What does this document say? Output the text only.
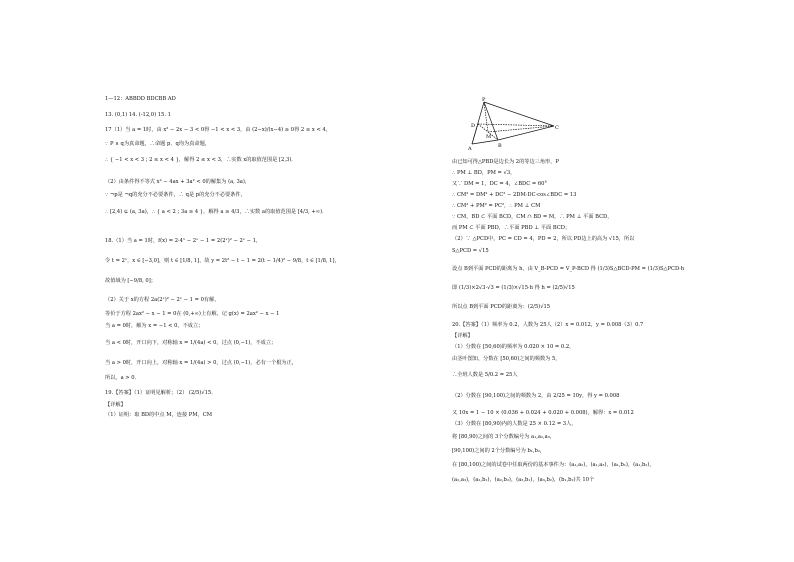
1—12：ABBDD BDCBB AD
13. (0,1) 14. (-12,0) 15. 1
17（1）当 a = 1时，由 x² − 2x − 3 < 0得 −1 < x < 3，由 (2−x)/(x−4) ≥ 0得 2 ≤ x < 4，
∵ P ∧ q为真命题，∴命题 p、q均为真命题，
∴ { −1 < x < 3 ; 2 ≤ x < 4 }，解得 2 ≤ x < 3，∴实数 x的取值范围是 [2,3)．
（2）由条件得不等式 x² − 4ax + 3a² < 0的解集为 (a, 3a)，
∵ ¬p是 ¬q的充分不必要条件，∴ q是 p的充分不必要条件，
∴ [2,4) ⊊ (a, 3a)，∴ { a < 2 ; 3a ≥ 4 }，解得 a ≥ 4/3，∴实数 a的取值范围是 [4/3, +∞)．
18.（1）当 a = 1时，f(x) = 2·4ˣ − 2ˣ − 1 = 2(2ˣ)² − 2ˣ − 1，
令 t = 2ˣ，x ∈ [−3,0]，则 t ∈ [1/8, 1]，故 y = 2t² − t − 1 = 2(t − 1/4)² − 9/8，t ∈ [1/8, 1]，
故值域为 [−9/8, 0]；
（2）关于 x的方程 2a(2ˣ)² − 2ˣ − 1 = 0有解，
等价于方程 2ax² − x − 1 = 0在 (0,+∞)上有解，记 g(x) = 2ax² − x − 1
当 a = 0时，解为 x = −1 < 0，不成立；
当 a < 0时，开口向下，对称轴 x = 1/(4a) < 0，过点 (0,−1)，不成立；
当 a > 0时，开口向上，对称轴 x = 1/(4a) > 0，过点 (0,−1)，必有一个根为正，
所以，a > 0．
19.【答案】（1）证明见解析；（2） (2/5)√15．
【详解】
（1）证明：取 BD的中点 M，连接 PM，CM
P
D	C
M
A	B
由已知可得△PBD是边长为 2的等边三角形，P
∴ PM ⊥ BD，PM = √3，
又∵ DM = 1，DC = 4，∠BDC = 60°
∴ CM² = DM² + DC² − 2DM·DC·cos∠BDC = 13
∴ CM² + PM² = PC²，∴ PM ⊥ CM
∵ CM，BD ⊂ 平面 BCD，CM ∩ BD = M，∴ PM ⊥ 平面 BCD，
而 PM ⊂ 平面 PBD，∴平面 PBD ⊥ 平面 BCD；
（2）∵ △PCD中，PC = CD = 4，PD = 2，所以 PD边上的高为 √15，所以
S△PCD = √15
设点 B到平面 PCD的距离为 h，由 V_B-PCD = V_P-BCD 得 (1/3)S△BCD·PM = (1/3)S△PCD·h
即 (1/3)×2√3·√3 = (1/3)×√15·h 得 h = (2/5)√15
所以点 B到平面 PCD的距离为：(2/5)√15
20.【答案】（1）频率为 0.2，人数为 25人（2）x = 0.012，y = 0.008（3）0.7
【详解】
（1）分数在 [50,60)的频率为 0.020 × 10 = 0.2，
由茎叶图知，分数在 [50,60)之间的频数为 5，
∴全班人数是 5/0.2 = 25人
（2）分数在 [90,100)之间的频数为 2，由 2/25 = 10y，得 y = 0.008
又 10x = 1 − 10 × (0.036 + 0.024 + 0.020 + 0.008)，解得：x = 0.012
（3）分数在 [80,90)内的人数是 25 × 0.12 = 3人，
将 [80,90)之间的 3个分数编号为 a₁,a₂,a₃，
[90,100)之间的 2个分数编号为 b₁,b₂，
在 [80,100)之间的试卷中任取两份的基本事件为：(a₁,a₂)，(a₁,a₃)，(a₁,b₁)，(a₁,b₂)，
(a₂,a₃)，(a₂,b₁)，(a₂,b₂)，(a₃,b₁)，(a₃,b₂)，(b₁,b₂)共 10个
